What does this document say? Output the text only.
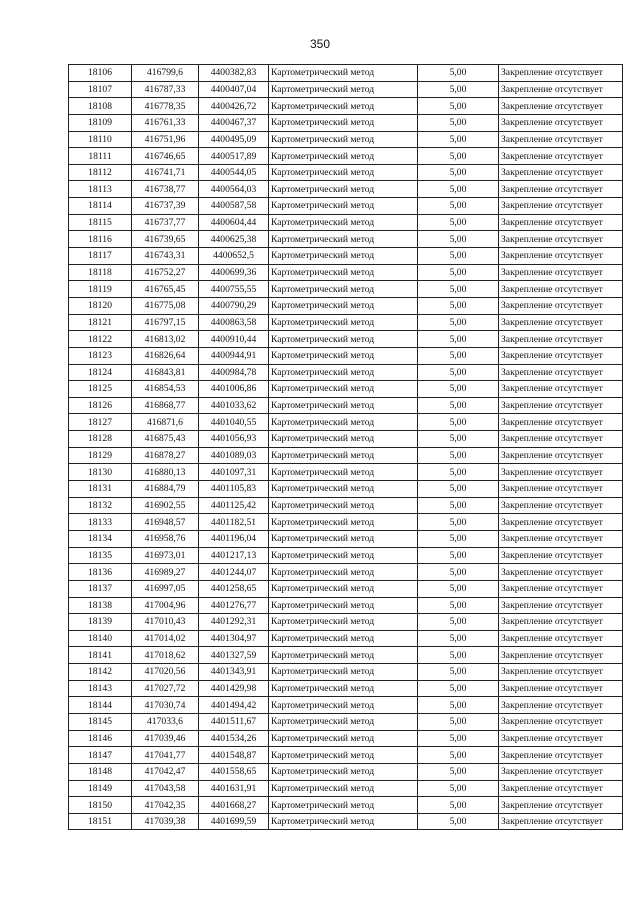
350
18106	416799,6	4400382,83	Картометрический метод	5,00	Закрепление отсутствует
18107	416787,33	4400407,04	Картометрический метод	5,00	Закрепление отсутствует
18108	416778,35	4400426,72	Картометрический метод	5,00	Закрепление отсутствует
18109	416761,33	4400467,37	Картометрический метод	5,00	Закрепление отсутствует
18110	416751,96	4400495,09	Картометрический метод	5,00	Закрепление отсутствует
18111	416746,65	4400517,89	Картометрический метод	5,00	Закрепление отсутствует
18112	416741,71	4400544,05	Картометрический метод	5,00	Закрепление отсутствует
18113	416738,77	4400564,03	Картометрический метод	5,00	Закрепление отсутствует
18114	416737,39	4400587,58	Картометрический метод	5,00	Закрепление отсутствует
18115	416737,77	4400604,44	Картометрический метод	5,00	Закрепление отсутствует
18116	416739,65	4400625,38	Картометрический метод	5,00	Закрепление отсутствует
18117	416743,31	4400652,5	Картометрический метод	5,00	Закрепление отсутствует
18118	416752,27	4400699,36	Картометрический метод	5,00	Закрепление отсутствует
18119	416765,45	4400755,55	Картометрический метод	5,00	Закрепление отсутствует
18120	416775,08	4400790,29	Картометрический метод	5,00	Закрепление отсутствует
18121	416797,15	4400863,58	Картометрический метод	5,00	Закрепление отсутствует
18122	416813,02	4400910,44	Картометрический метод	5,00	Закрепление отсутствует
18123	416826,64	4400944,91	Картометрический метод	5,00	Закрепление отсутствует
18124	416843,81	4400984,78	Картометрический метод	5,00	Закрепление отсутствует
18125	416854,53	4401006,86	Картометрический метод	5,00	Закрепление отсутствует
18126	416868,77	4401033,62	Картометрический метод	5,00	Закрепление отсутствует
18127	416871,6	4401040,55	Картометрический метод	5,00	Закрепление отсутствует
18128	416875,43	4401056,93	Картометрический метод	5,00	Закрепление отсутствует
18129	416878,27	4401089,03	Картометрический метод	5,00	Закрепление отсутствует
18130	416880,13	4401097,31	Картометрический метод	5,00	Закрепление отсутствует
18131	416884,79	4401105,83	Картометрический метод	5,00	Закрепление отсутствует
18132	416902,55	4401125,42	Картометрический метод	5,00	Закрепление отсутствует
18133	416948,57	4401182,51	Картометрический метод	5,00	Закрепление отсутствует
18134	416958,76	4401196,04	Картометрический метод	5,00	Закрепление отсутствует
18135	416973,01	4401217,13	Картометрический метод	5,00	Закрепление отсутствует
18136	416989,27	4401244,07	Картометрический метод	5,00	Закрепление отсутствует
18137	416997,05	4401258,65	Картометрический метод	5,00	Закрепление отсутствует
18138	417004,96	4401276,77	Картометрический метод	5,00	Закрепление отсутствует
18139	417010,43	4401292,31	Картометрический метод	5,00	Закрепление отсутствует
18140	417014,02	4401304,97	Картометрический метод	5,00	Закрепление отсутствует
18141	417018,62	4401327,59	Картометрический метод	5,00	Закрепление отсутствует
18142	417020,56	4401343,91	Картометрический метод	5,00	Закрепление отсутствует
18143	417027,72	4401429,98	Картометрический метод	5,00	Закрепление отсутствует
18144	417030,74	4401494,42	Картометрический метод	5,00	Закрепление отсутствует
18145	417033,6	4401511,67	Картометрический метод	5,00	Закрепление отсутствует
18146	417039,46	4401534,26	Картометрический метод	5,00	Закрепление отсутствует
18147	417041,77	4401548,87	Картометрический метод	5,00	Закрепление отсутствует
18148	417042,47	4401558,65	Картометрический метод	5,00	Закрепление отсутствует
18149	417043,58	4401631,91	Картометрический метод	5,00	Закрепление отсутствует
18150	417042,35	4401668,27	Картометрический метод	5,00	Закрепление отсутствует
18151	417039,38	4401699,59	Картометрический метод	5,00	Закрепление отсутствует
